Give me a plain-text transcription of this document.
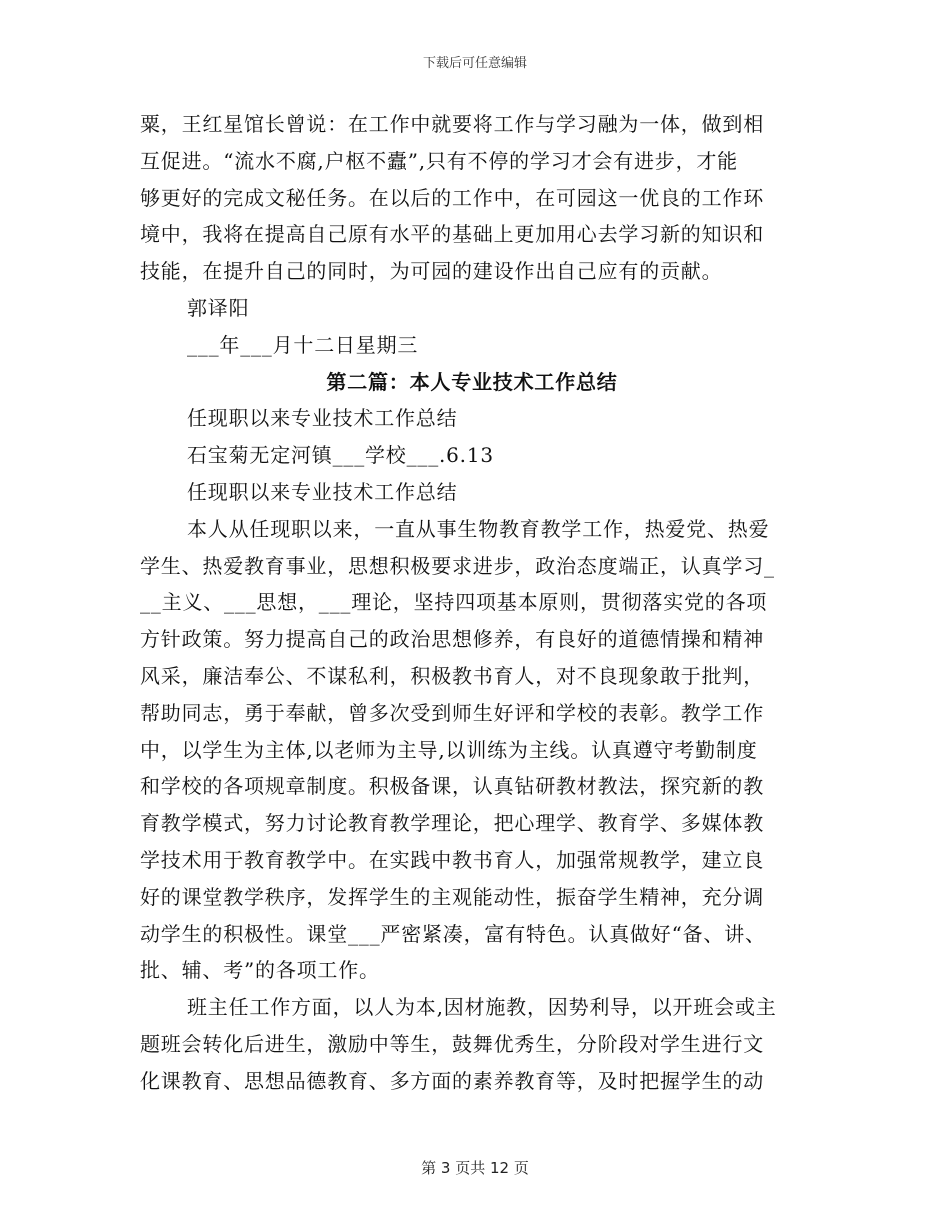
下载后可任意编辑
粟，王红星馆长曾说：在工作中就要将工作与学习融为一体，做到相
互促进。“流水不腐,户枢不蠹”,只有不停的学习才会有进步，才能
够更好的完成文秘任务。在以后的工作中，在可园这一优良的工作环
境中，我将在提高自己原有水平的基础上更加用心去学习新的知识和
技能，在提升自己的同时，为可园的建设作出自己应有的贡献。
郭译阳
___年___月十二日星期三
第二篇：本人专业技术工作总结
任现职以来专业技术工作总结
石宝菊无定河镇___学校___.6.13
任现职以来专业技术工作总结
本人从任现职以来，一直从事生物教育教学工作，热爱党、热爱
学生、热爱教育事业，思想积极要求进步，政治态度端正，认真学习_
__主义、___思想，___理论，坚持四项基本原则，贯彻落实党的各项
方针政策。努力提高自己的政治思想修养，有良好的道德情操和精神
风采，廉洁奉公、不谋私利，积极教书育人，对不良现象敢于批判，
帮助同志，勇于奉献，曾多次受到师生好评和学校的表彰。教学工作
中，以学生为主体,以老师为主导,以训练为主线。认真遵守考勤制度
和学校的各项规章制度。积极备课，认真钻研教材教法，探究新的教
育教学模式，努力讨论教育教学理论，把心理学、教育学、多媒体教
学技术用于教育教学中。在实践中教书育人，加强常规教学，建立良
好的课堂教学秩序，发挥学生的主观能动性，振奋学生精神，充分调
动学生的积极性。课堂___严密紧凑，富有特色。认真做好“备、讲、
批、辅、考”的各项工作。
班主任工作方面，以人为本,因材施教，因势利导，以开班会或主
题班会转化后进生，激励中等生，鼓舞优秀生，分阶段对学生进行文
化课教育、思想品德教育、多方面的素养教育等，及时把握学生的动
第 3 页共 12 页
